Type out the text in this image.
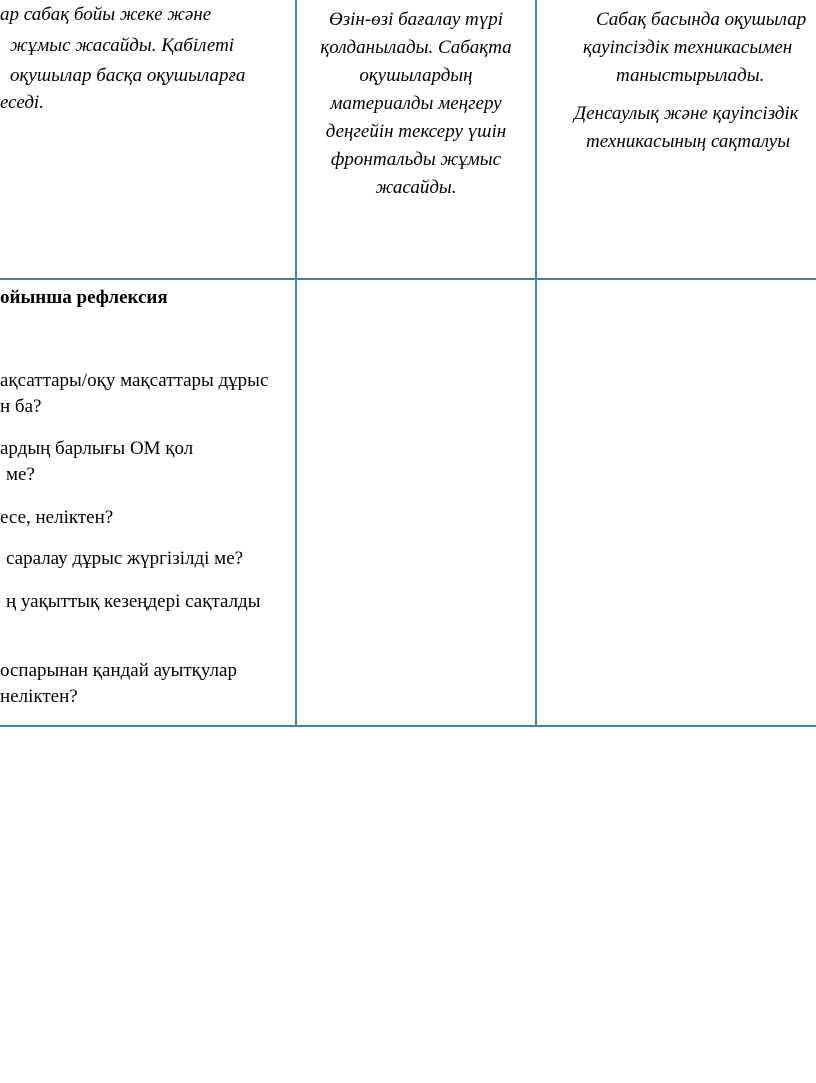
ар сабақ бойы жеке және
жұмыс жасайды. Қабілеті
оқушылар басқа оқушыларға
еседі.
Өзін-өзі бағалау түрі
қолданылады. Сабақта
оқушылардың
материалды меңгеру
деңгейін тексеру үшін
фронтальды жұмыс
жасайды.
Сабақ басында оқушылар
қауіпсіздік техникасымен
таныстырылады.
Денсаулық және қауіпсіздік
техникасының сақталуы
ойынша рефлексия
ақсаттары/оқу мақсаттары дұрыс
н ба?
ардың барлығы ОМ қол
ме?
есе, неліктен?
саралау дұрыс жүргізілді ме?
ң уақыттық кезеңдері сақталды
оспарынан қандай ауытқулар
неліктен?
